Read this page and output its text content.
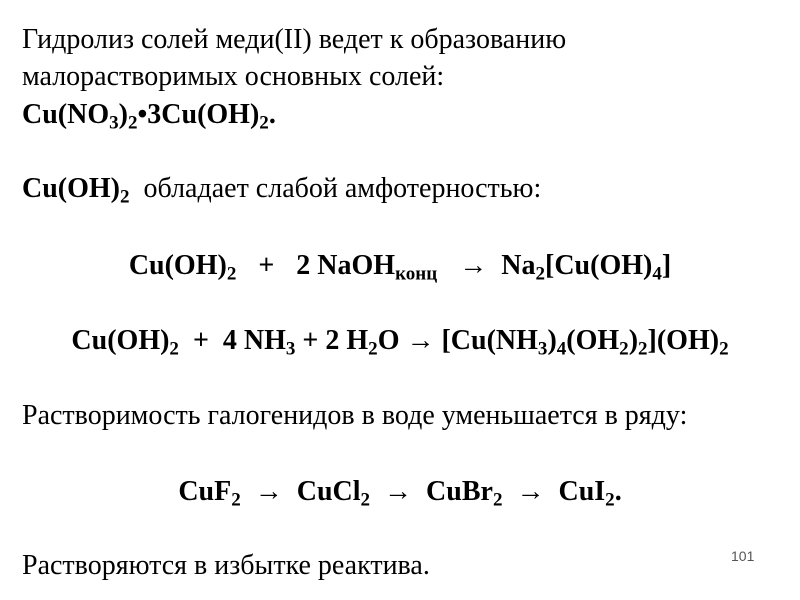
Гидролиз солей меди(II) ведет к образованию
малорастворимых основных солей:
$Cu(NO_3)_2•3Cu(OH)_2$.
$Cu(OH)_2$ обладает слабой амфотерностью:
$Cu(OH)_2 + 2$ NaOH$_{конц}$ → $Na_2[Cu(OH)_4]$
$Cu(OH)_2 + 4$ $NH_3 + 2$ $H_2O \to [Cu(NH_3)_4(OH_2)_2](OH)_2$
Растворимость галогенидов в воде уменьшается в ряду:
CuF$_2$ → CuCl$_2$ → CuBr$_2$ → CuI$_2$.
Растворяются в избытке реактива.	101
